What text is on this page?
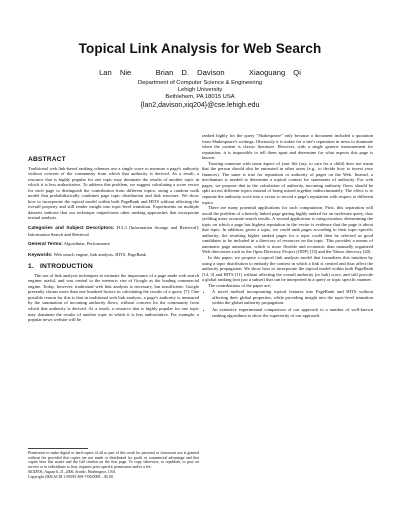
Topical Link Analysis for Web Search
Lan Nie   Brian D. Davison   Xiaoguang Qi
Department of Computer Science & Engineering
Lehigh University
Bethlehem, PA 18015 USA
{lan2,davison,xiq204}@cse.lehigh.edu
ABSTRACT

Traditional web link-based ranking schemes use a single score to measure a page's authority without concern of the community from which that authority is derived. As a result, a resource that is highly popular for one topic may dominate the results of another topic in which it is less authoritative. To address this problem, we suggest calculating a score vector for each page to distinguish the contribution from different topics, using a random walk model that probabilistically combines page topic distribution and link structure. We show how to incorporate the topical model within both PageRank and HITS without affecting the overall property and still render insight into topic-level transition. Experiments on multiple datasets indicate that our technique outperforms other ranking approaches that incorporate textual analysis.

Categories and Subject Descriptors: H.3.3 [Information Storage and Retrieval]: Information Search and Retrieval

General Terms: Algorithms, Performance

Keywords: Web search engine, link analysis, HITS, PageRank

1.   INTRODUCTION

The use of link analysis techniques to estimate the importance of a page made web search engines useful, and was central to the meteoric rise of Google as the leading commercial engine. Today, however, traditional web link analysis is necessary, but insufficient: Google presently claims more than one hundred factors in calculating the results of a query [7]. One possible reason for this is that in traditional web link analysis, a page's authority is measured by the summation of incoming authority flows, without concern for the community from which that authority is derived. As a result, a resource that is highly popular for one topic may dominate the results of another topic in which it is less authoritative. For example, a popular news website will be

Permission to make digital or hard copies of all or part of this work for personal or classroom use is granted without fee provided that copies are not made or distributed for profit or commercial advantage and that copies bear this notice and the full citation on the first page. To copy otherwise, to republish, to post on servers or to redistribute to lists, requires prior specific permission and/or a fee.
SIGIR'06, August 6–11, 2006, Seattle, Washington, USA.
Copyright 2006 ACM 1-59593-369-7/06/0008 ...$5.00.

ranked highly for the query "Shakespeare" only because a document included a quotation from Shakespeare's writings. Obviously it is unfair for a site's reputation in news to dominate when the content is classic literature. However, with a single generic measurement for reputation, it is impossible to tell them apart and determine for what aspects this page is known.

Trusting someone with some aspect of your life (say, to care for a child) does not mean that the person should also be entrusted in other areas (e.g., to decide how to invest your finances). The same is true for reputation or authority of pages on the Web. Instead, a mechanism is needed to determine a topical context for statements of authority. For web pages, we propose that in the calculation of authority, incoming authority flows should be split across different topics instead of being mixed together indiscriminately. The effect is to separate the authority score into a vector to record a page's reputation with respect to different topics.

There are many potential applications for such computation. First, this separation will avoid the problem of a heavily linked page getting highly ranked for an irrelevant query, thus yielding more accurate search results. A second application is categorization; determining the topic on which a page has highest reputation in the vector is evidence that the page is about that topic. In addition, given a topic, we could rank pages according to their topic-specific authority; the resulting higher ranked pages for a topic could then be selected as good candidates to be included in a directory of resources on the topic. This provides a means of automatic page annotation, which is more flexible and economic than manually organized Web directories such as the Open Directory Project (ODP) [13] and the Yahoo directory [20].

In this paper, we propose a topical link analysis model that formalizes this intuition by using a topic distribution to embody the context in which a link is created and thus affect the authority propagation. We show how to incorporate the topical model within both PageRank [14, 3] and HITS [11] without affecting the overall authority (or hub) score, and still provide a global ranking (not just a subset) that can be interpreted in a query or topic specific manner.

The contributions of the paper are:

• A novel method incorporating topical features into PageRank and HITS without affecting their global properties, while providing insight into the topic-level transition within the global authority propagation.
• An extensive experimental comparison of our approach to a number of well-known ranking algorithms to show the superiority of our approach.
